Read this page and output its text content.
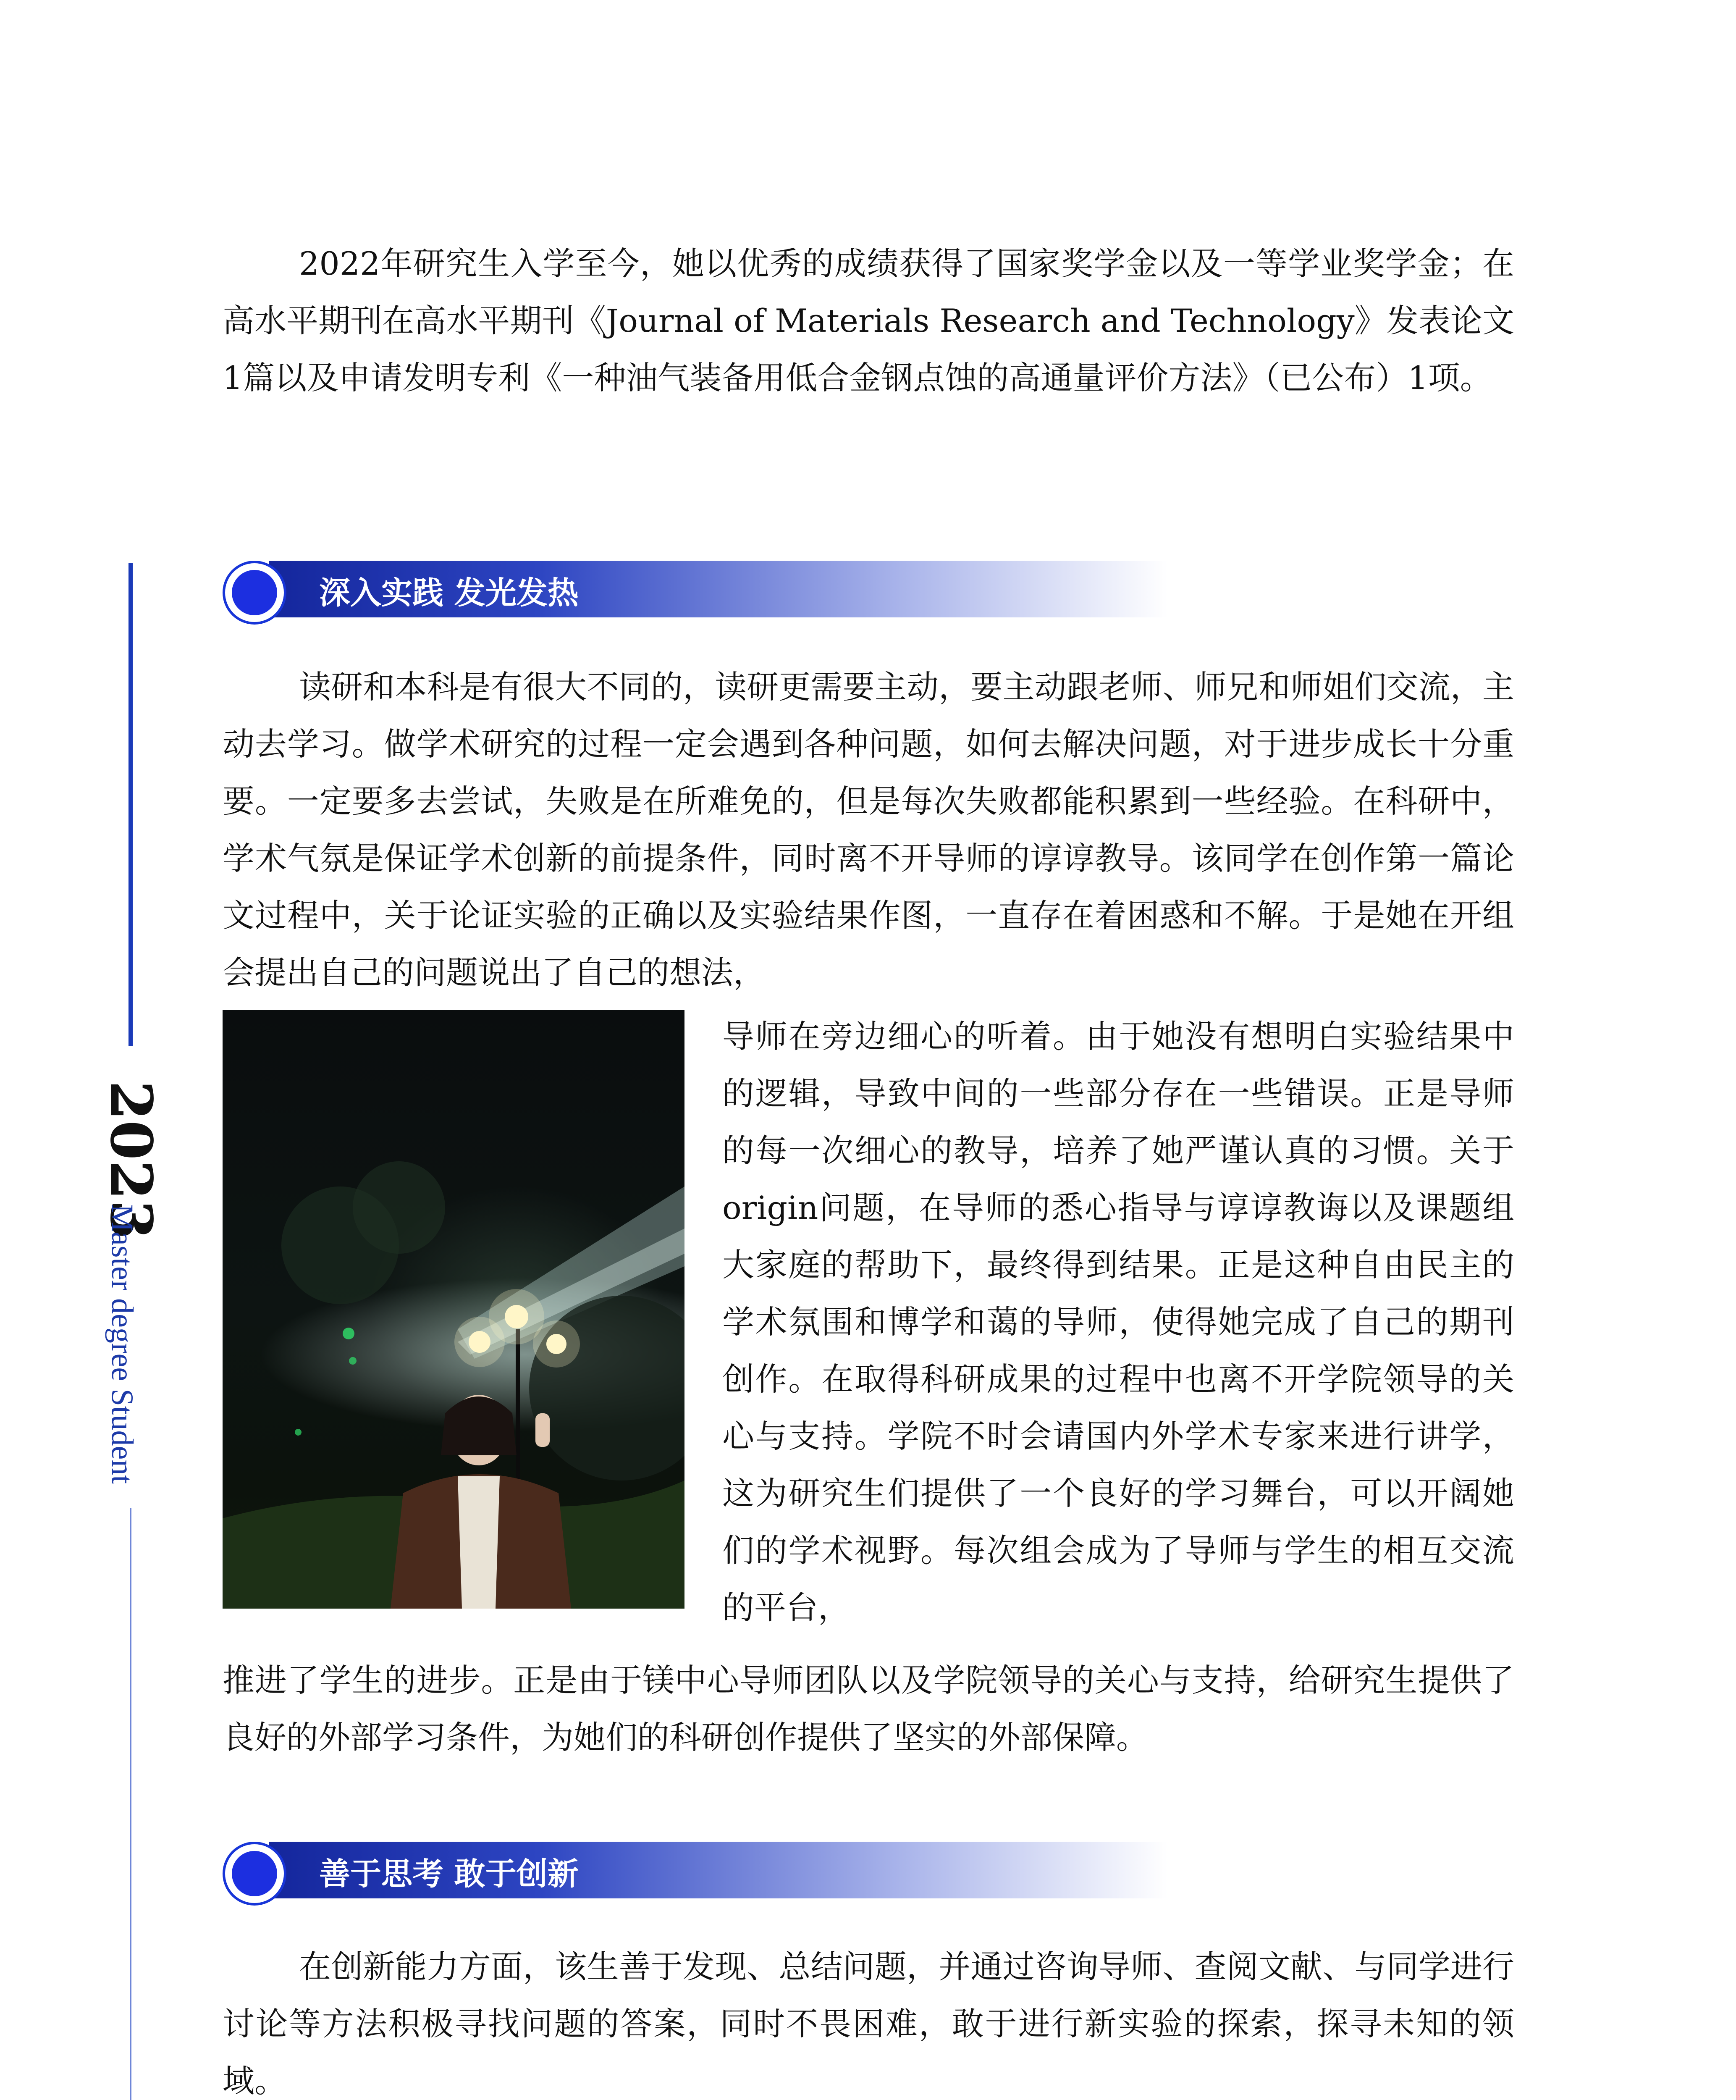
2023
Master degree Student

2022年研究生入学至今，她以优秀的成绩获得了国家奖学金以及一等学业奖学金；在高水平期刊在高水平期刊《Journal of Materials Research and Technology》发表论文1篇以及申请发明专利《一种油气装备用低合金钢点蚀的高通量评价方法》（已公布）1项。

深入实践 发光发热

读研和本科是有很大不同的，读研更需要主动，要主动跟老师、师兄和师姐们交流，主动去学习。做学术研究的过程一定会遇到各种问题，如何去解决问题，对于进步成长十分重要。一定要多去尝试，失败是在所难免的，但是每次失败都能积累到一些经验。在科研中，学术气氛是保证学术创新的前提条件，同时离不开导师的谆谆教导。该同学在创作第一篇论文过程中，关于论证实验的正确以及实验结果作图，一直存在着困惑和不解。于是她在开组会提出自己的问题说出了自己的想法，

导师在旁边细心的听着。由于她没有想明白实验结果中的逻辑，导致中间的一些部分存在一些错误。正是导师的每一次细心的教导，培养了她严谨认真的习惯。关于origin问题，在导师的悉心指导与谆谆教诲以及课题组大家庭的帮助下，最终得到结果。正是这种自由民主的学术氛围和博学和蔼的导师，使得她完成了自己的期刊创作。在取得科研成果的过程中也离不开学院领导的关心与支持。学院不时会请国内外学术专家来进行讲学，这为研究生们提供了一个良好的学习舞台，可以开阔她们的学术视野。每次组会成为了导师与学生的相互交流的平台，

推进了学生的进步。正是由于镁中心导师团队以及学院领导的关心与支持，给研究生提供了良好的外部学习条件，为她们的科研创作提供了坚实的外部保障。

善于思考 敢于创新

在创新能力方面，该生善于发现、总结问题，并通过咨询导师、查阅文献、与同学进行讨论等方法积极寻找问题的答案，同时不畏困难，敢于进行新实验的探索，探寻未知的领域。
